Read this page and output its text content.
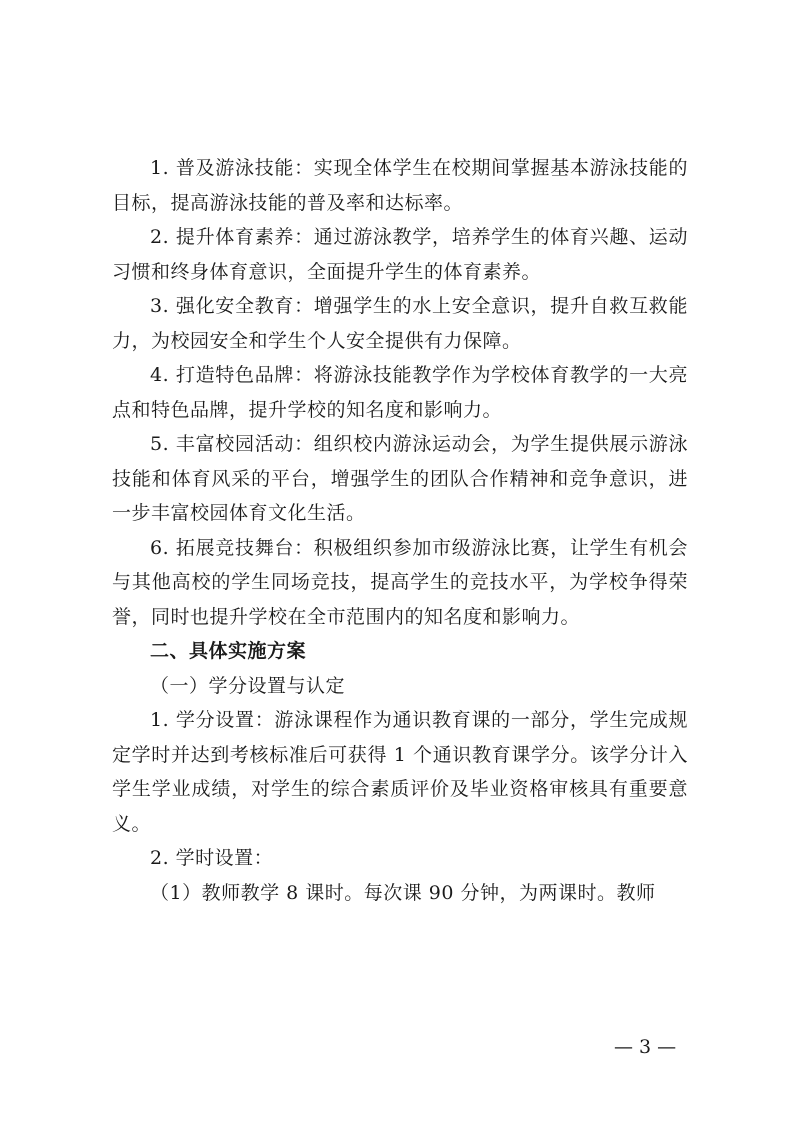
1. 普及游泳技能：实现全体学生在校期间掌握基本游泳技能的目标，提高游泳技能的普及率和达标率。

2. 提升体育素养：通过游泳教学，培养学生的体育兴趣、运动习惯和终身体育意识，全面提升学生的体育素养。

3. 强化安全教育：增强学生的水上安全意识，提升自救互救能力，为校园安全和学生个人安全提供有力保障。

4. 打造特色品牌：将游泳技能教学作为学校体育教学的一大亮点和特色品牌，提升学校的知名度和影响力。

5. 丰富校园活动：组织校内游泳运动会，为学生提供展示游泳技能和体育风采的平台，增强学生的团队合作精神和竞争意识，进一步丰富校园体育文化生活。

6. 拓展竞技舞台：积极组织参加市级游泳比赛，让学生有机会与其他高校的学生同场竞技，提高学生的竞技水平，为学校争得荣誉，同时也提升学校在全市范围内的知名度和影响力。

二、具体实施方案

（一）学分设置与认定

1. 学分设置：游泳课程作为通识教育课的一部分，学生完成规定学时并达到考核标准后可获得 1 个通识教育课学分。该学分计入学生学业成绩，对学生的综合素质评价及毕业资格审核具有重要意义。

2. 学时设置：

（1）教师教学 8 课时。每次课 90 分钟，为两课时。教师

— 3 —
